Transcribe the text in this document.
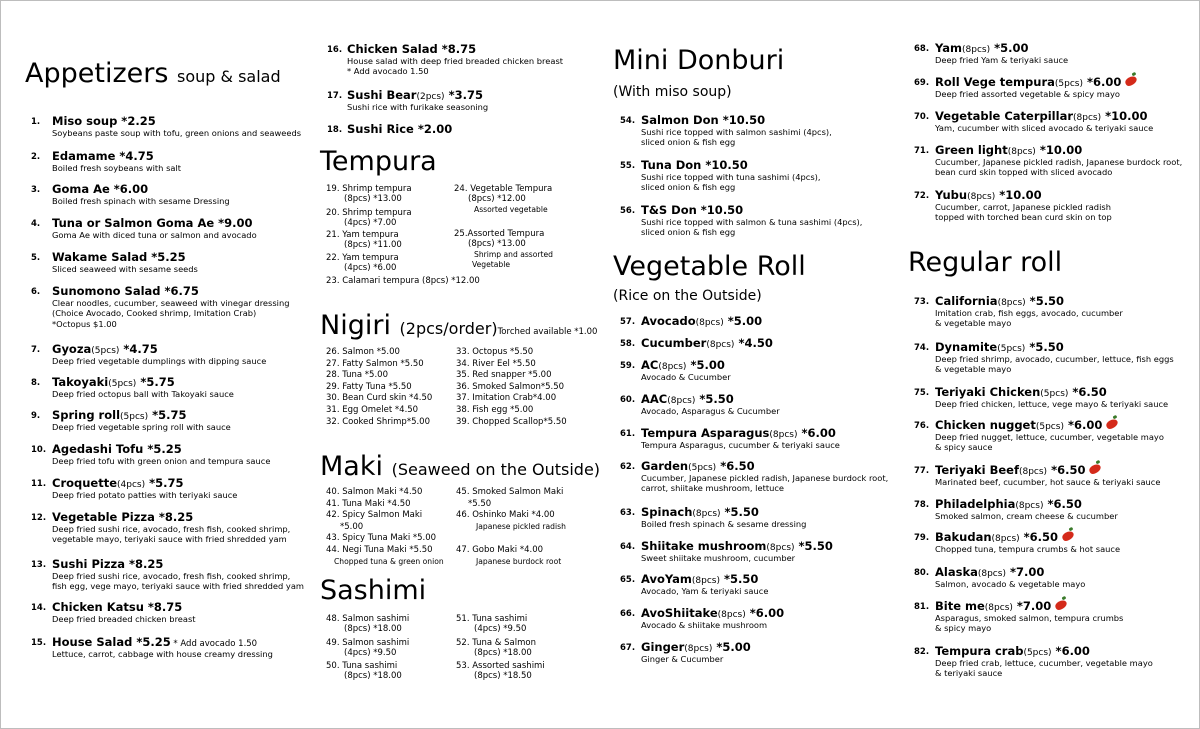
Appetizers soup & salad
1. Miso soup *2.25
Soybeans paste soup with tofu, green onions and seaweeds
2. Edamame *4.75
Boiled fresh soybeans with salt
3. Goma Ae *6.00
Boiled fresh spinach with sesame Dressing
4. Tuna or Salmon Goma Ae *9.00
Goma Ae with diced tuna or salmon and avocado
5. Wakame Salad *5.25
Sliced seaweed with sesame seeds
6. Sunomono Salad *6.75
Clear noodles, cucumber, seaweed with vinegar dressing
(Choice Avocado, Cooked shrimp, Imitation Crab)
*Octopus $1.00
7. Gyoza(5pcs) *4.75
Deep fried vegetable dumplings with dipping sauce
8. Takoyaki(5pcs) *5.75
Deep fried octopus ball with Takoyaki sauce
9. Spring roll(5pcs) *5.75
Deep fried vegetable spring roll with sauce
10. Agedashi Tofu *5.25
Deep fried tofu with green onion and tempura sauce
11. Croquette(4pcs) *5.75
Deep fried potato patties with teriyaki sauce
12. Vegetable Pizza *8.25
Deep fried sushi rice, avocado, fresh fish, cooked shrimp,
vegetable mayo, teriyaki sauce with fried shredded yam
13. Sushi Pizza *8.25
Deep fried sushi rice, avocado, fresh fish, cooked shrimp,
fish egg, vege mayo, teriyaki sauce with fried shredded yam
14. Chicken Katsu *8.75
Deep fried breaded chicken breast
15. House Salad *5.25 * Add avocado 1.50
Lettuce, carrot, cabbage with house creamy dressing
16. Chicken Salad *8.75
House salad with deep fried breaded chicken breast
* Add avocado 1.50
17. Sushi Bear(2pcs) *3.75
Sushi rice with furikake seasoning
18. Sushi Rice *2.00
Tempura
19. Shrimp tempura
(8pcs) *13.00
20. Shrimp tempura
(4pcs) *7.00
21. Yam tempura
(8pcs) *11.00
22. Yam tempura
(4pcs) *6.00
23. Calamari tempura (8pcs) *12.00
24. Vegetable Tempura
(8pcs) *12.00
Assorted vegetable
25.Assorted Tempura
(8pcs) *13.00
Shrimp and assorted
Vegetable
Nigiri (2pcs/order)Torched available *1.00
26. Salmon *5.00
27. Fatty Salmon *5.50
28. Tuna *5.00
29. Fatty Tuna *5.50
30. Bean Curd skin *4.50
31. Egg Omelet *4.50
32. Cooked Shrimp*5.00
33. Octopus *5.50
34. River Eel *5.50
35. Red snapper *5.00
36. Smoked Salmon*5.50
37. Imitation Crab*4.00
38. Fish egg *5.00
39. Chopped Scallop*5.50
Maki (Seaweed on the Outside)
40. Salmon Maki *4.50
41. Tuna Maki *4.50
42. Spicy Salmon Maki
*5.00
43. Spicy Tuna Maki *5.00
44. Negi Tuna Maki *5.50
Chopped tuna & green onion
45. Smoked Salmon Maki
*5.50
46. Oshinko Maki *4.00
Japanese pickled radish
47. Gobo Maki *4.00
Japanese burdock root
Sashimi
48. Salmon sashimi
(8pcs) *18.00
49. Salmon sashimi
(4pcs) *9.50
50. Tuna sashimi
(8pcs) *18.00
51. Tuna sashimi
(4pcs) *9.50
52. Tuna & Salmon
(8pcs) *18.00
53. Assorted sashimi
(8pcs) *18.50
Mini Donburi
(With miso soup)
54. Salmon Don *10.50
Sushi rice topped with salmon sashimi (4pcs),
sliced onion & fish egg
55. Tuna Don *10.50
Sushi rice topped with tuna sashimi (4pcs),
sliced onion & fish egg
56. T&S Don *10.50
Sushi rice topped with salmon & tuna sashimi (4pcs),
sliced onion & fish egg
Vegetable Roll
(Rice on the Outside)
57. Avocado(8pcs) *5.00
58. Cucumber(8pcs) *4.50
59. AC(8pcs) *5.00
Avocado & Cucumber
60. AAC(8pcs) *5.50
Avocado, Asparagus & Cucumber
61. Tempura Asparagus(8pcs) *6.00
Tempura Asparagus, cucumber & teriyaki sauce
62. Garden(5pcs) *6.50
Cucumber, Japanese pickled radish, Japanese burdock root,
carrot, shiitake mushroom, lettuce
63. Spinach(8pcs) *5.50
Boiled fresh spinach & sesame dressing
64. Shiitake mushroom(8pcs) *5.50
Sweet shiitake mushroom, cucumber
65. AvoYam(8pcs) *5.50
Avocado, Yam & teriyaki sauce
66. AvoShiitake(8pcs) *6.00
Avocado & shiitake mushroom
67. Ginger(8pcs) *5.00
Ginger & Cucumber
68. Yam(8pcs) *5.00
Deep fried Yam & teriyaki sauce
69. Roll Vege tempura(5pcs) *6.00
Deep fried assorted vegetable & spicy mayo
70. Vegetable Caterpillar(8pcs) *10.00
Yam, cucumber with sliced avocado & teriyaki sauce
71. Green light(8pcs) *10.00
Cucumber, Japanese pickled radish, Japanese burdock root,
bean curd skin topped with sliced avocado
72. Yubu(8pcs) *10.00
Cucumber, carrot, Japanese pickled radish
topped with torched bean curd skin on top
Regular roll
73. California(8pcs) *5.50
Imitation crab, fish eggs, avocado, cucumber
& vegetable mayo
74. Dynamite(5pcs) *5.50
Deep fried shrimp, avocado, cucumber, lettuce, fish eggs
& vegetable mayo
75. Teriyaki Chicken(5pcs) *6.50
Deep fried chicken, lettuce, vege mayo & teriyaki sauce
76. Chicken nugget(5pcs) *6.00
Deep fried nugget, lettuce, cucumber, vegetable mayo
& spicy sauce
77. Teriyaki Beef(8pcs) *6.50
Marinated beef, cucumber, hot sauce & teriyaki sauce
78. Philadelphia(8pcs) *6.50
Smoked salmon, cream cheese & cucumber
79. Bakudan(8pcs) *6.50
Chopped tuna, tempura crumbs & hot sauce
80. Alaska(8pcs) *7.00
Salmon, avocado & vegetable mayo
81. Bite me(8pcs) *7.00
Asparagus, smoked salmon, tempura crumbs
& spicy mayo
82. Tempura crab(5pcs) *6.00
Deep fried crab, lettuce, cucumber, vegetable mayo
& teriyaki sauce
